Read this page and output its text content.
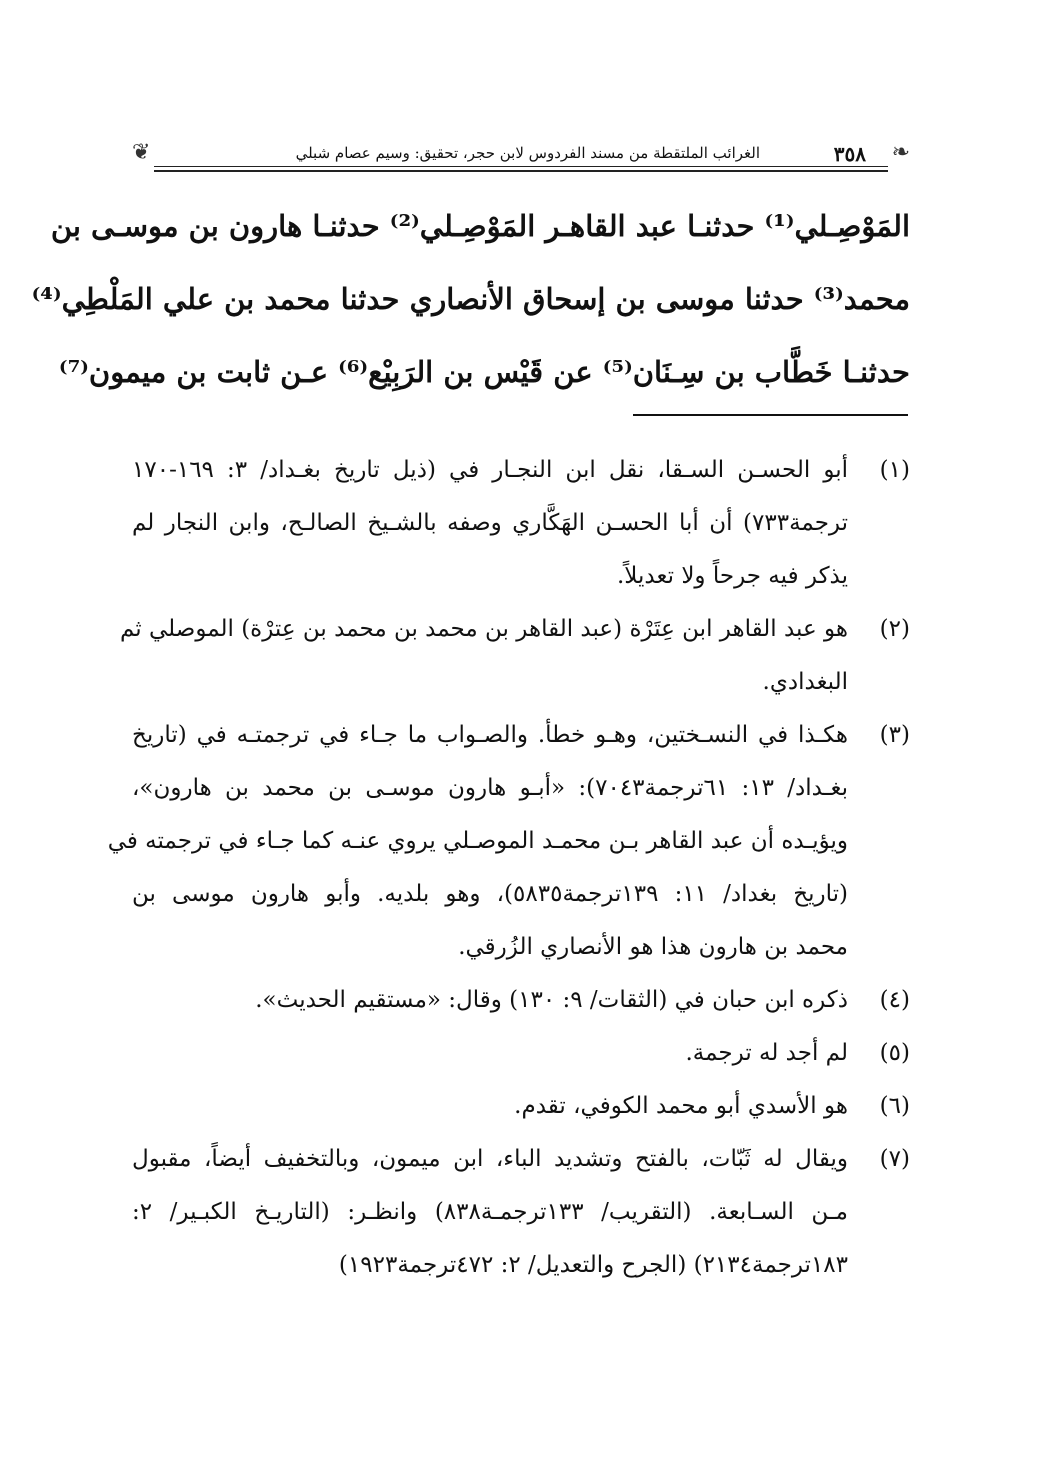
❦	الغرائب الملتقطة من مسند الفردوس لابن حجر، تحقيق: وسيم عصام شبلي	٣٥٨ ❧
المَوْصِـلي⁽¹⁾ حدثنـا عبد القاهـر المَوْصِـلي⁽²⁾ حدثنـا هارون بن موسـى بن
محمد⁽³⁾ حدثنا موسى بن إسحاق الأنصاري حدثنا محمد بن علي المَلْطِي⁽⁴⁾
حدثنـا خَطَّاب بن سِـنَان⁽⁵⁾ عن قَيْس بن الرَبِيْع⁽⁶⁾ عـن ثابت بن ميمون⁽⁷⁾
(١)
أبو الحسـن السـقا، نقل ابن النجـار في (ذيل تاريخ بغـداد/ ٣: ١٦٩-١٧٠
ترجمة٧٣٣) أن أبا الحسـن الهَكَّاري وصفه بالشـيخ الصالـح، وابن النجار لم
يذكر فيه جرحاً ولا تعديلاً.
(٢)
هو عبد القاهر ابن عِتَرْة (عبد القاهر بن محمد بن محمد بن عِترْة) الموصلي ثم
البغدادي.
(٣)
هكـذا في النسـختين، وهـو خطأ. والصـواب ما جـاء في ترجمتـه في (تاريخ
بغـداد/ ١٣: ٦١ترجمة٧٠٤٣): «أبـو هارون موسـى بن محمد بن هارون»،
ويؤيـده أن عبد القاهر بـن محمـد الموصـلي يروي عنـه كما جـاء في ترجمته في
(تاريخ بغداد/ ١١: ١٣٩ترجمة٥٨٣٥)، وهو بلديه. وأبو هارون موسى بن
محمد بن هارون هذا هو الأنصاري الزُرقي.
(٤)
ذكره ابن حبان في (الثقات/ ٩: ١٣٠) وقال: «مستقيم الحديث».
(٥)
لم أجد له ترجمة.
(٦)
هو الأسدي أبو محمد الكوفي، تقدم.
(٧)
ويقال له ثَبّات، بالفتح وتشديد الباء، ابن ميمون، وبالتخفيف أيضاً، مقبول
مـن السـابعة. (التقريب/ ١٣٣ترجمـة٨٣٨) وانظـر: (التاريـخ الكبـير/ ٢:
١٨٣ترجمة٢١٣٤) (الجرح والتعديل/ ٢: ٤٧٢ترجمة١٩٢٣)
